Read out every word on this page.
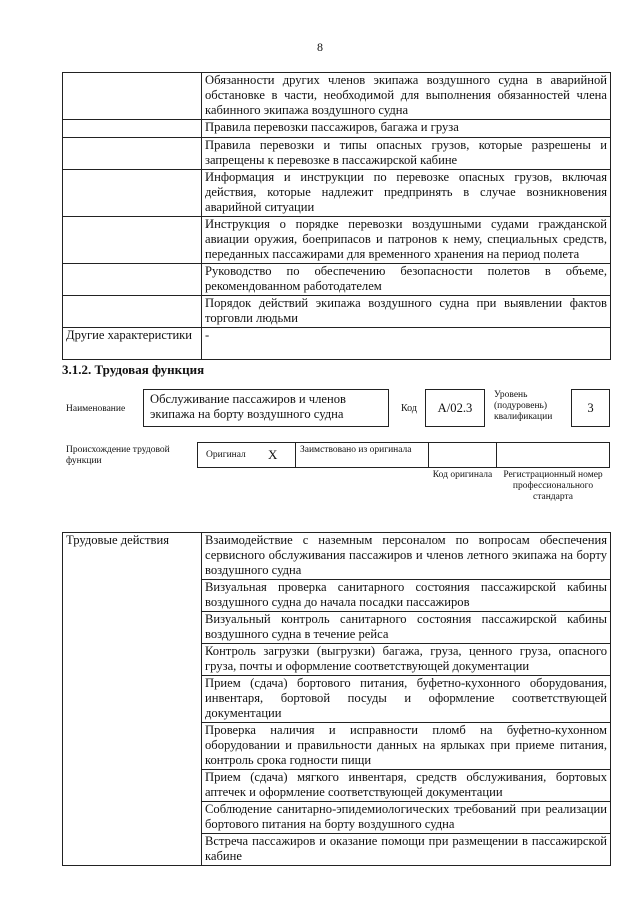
8
	Обязанности других членов экипажа воздушного судна в аварийной обстановке в части, необходимой для выполнения обязанностей члена кабинного экипажа воздушного судна
	Правила перевозки пассажиров, багажа и груза
	Правила перевозки и типы опасных грузов, которые разрешены и запрещены к перевозке в пассажирской кабине
	Информация и инструкции по перевозке опасных грузов, включая действия, которые надлежит предпринять в случае возникновения аварийной ситуации
	Инструкция о порядке перевозки воздушными судами гражданской авиации оружия, боеприпасов и патронов к нему, специальных средств, переданных пассажирами для временного хранения на период полета
	Руководство по обеспечению безопасности полетов в объеме, рекомендованном работодателем
	Порядок действий экипажа воздушного судна при выявлении фактов торговли людьми
Другие характеристики	-
3.1.2. Трудовая функция
Наименование
Обслуживание пассажиров и членов экипажа на борту воздушного судна	Код	A/02.3
Уровень (подуровень) квалификации
3
Происхождение трудовой функции
Оригинал X Заимствовано из оригинала
Код оригинала	Регистрационный номер профессионального стандарта
Трудовые действия	Взаимодействие с наземным персоналом по вопросам обеспечения сервисного обслуживания пассажиров и членов летного экипажа на борту воздушного судна
Визуальная проверка санитарного состояния пассажирской кабины воздушного судна до начала посадки пассажиров
Визуальный контроль санитарного состояния пассажирской кабины воздушного судна в течение рейса
Контроль загрузки (выгрузки) багажа, груза, ценного груза, опасного груза, почты и оформление соответствующей документации
Прием (сдача) бортового питания, буфетно-кухонного оборудования, инвентаря, бортовой посуды и оформление соответствующей документации
Проверка наличия и исправности пломб на буфетно-кухонном оборудовании и правильности данных на ярлыках при приеме питания, контроль срока годности пищи
Прием (сдача) мягкого инвентаря, средств обслуживания, бортовых аптечек и оформление соответствующей документации
Соблюдение санитарно-эпидемиологических требований при реализации бортового питания на борту воздушного судна
Встреча пассажиров и оказание помощи при размещении в пассажирской кабине
